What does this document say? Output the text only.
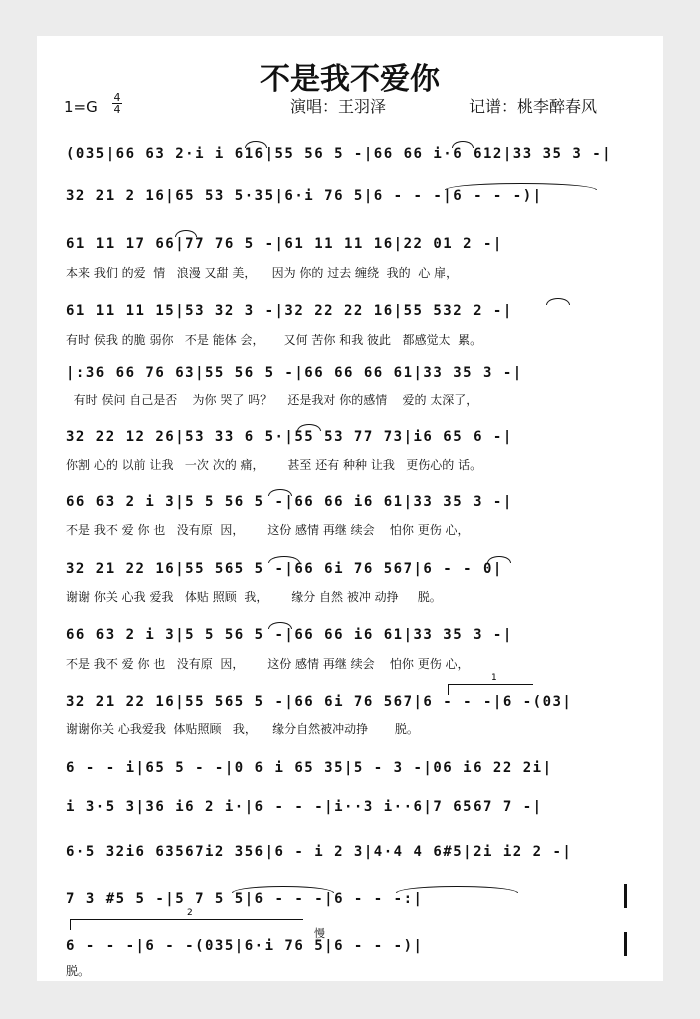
不是我不爱你
1=G
4
4	演唱：王羽泽	记谱：桃李醉春风
(035|66 63 2·i i 616|55 56 5 -|66 66 i·6 612|33 35 3 -|
32 21 2 16|65 53 5·35|6·i 76 5|6 - - -|6 - - -)|
61 11 17 66|77 76 5 -|61 11 11 16|22 01 2 -|
本来 我们 的爱  情   浪漫 又甜 美，    因为 你的 过去 缠绕  我的  心 扉，
61 11 11 15|53 32 3 -|32 22 22 16|55 532 2 -|
有时 侯我 的脆 弱你   不是 能体 会，     又何 苦你 和我 彼此   都感觉太  累。
|:36 66 76 63|55 56 5 -|66 66 66 61|33 35 3 -|
有时 侯问 自己是否    为你 哭了 吗？    还是我对 你的感情    爱的 太深了，
32 22 12 26|53 33 6 5·|55 53 77 73|i6 65 6 -|
你割 心的 以前 让我   一次 次的 痛，      甚至 还有 种种 让我   更伤心的 话。
66 63 2 i 3|5 5 56 5 -|66 66 i6 61|33 35 3 -|
不是 我不 爱 你 也   没有原  因，      这份 感情 再继 续会    怕你 更伤 心，
32 21 22 16|55 565 5 -|66 6i 76 567|6 - - 0|
谢谢 你关 心我 爱我   体贴 照顾  我，      缘分 自然 被冲 动挣     脱。
66 63 2 i 3|5 5 56 5 -|66 66 i6 61|33 35 3 -|
不是 我不 爱 你 也   没有原  因，      这份 感情 再继 续会    怕你 更伤 心，
32 21 22 16|55 565 5 -|66 6i 76 567|6 - - -|6 -(03|
谢谢你关 心我爱我  体贴照顾   我，    缘分自然被冲动挣       脱。
6 - - i|65 5 - -|0 6 i 65 35|5 - 3 -|06 i6 22 2i|
i 3·5 3|36 i6 2 i·|6 - - -|i··3 i··6|7 6567 7 -|
6·5 32i6 63567i2 356|6 - i 2 3|4·4 4 6#5|2i i2 2 -|
7 3 #5 5 -|5 7 5 5|6 - - -|6 - - -:|
6 - - -|6 - -(035|6·i 76 5|6 - - -)|
脱。
慢
1
2
